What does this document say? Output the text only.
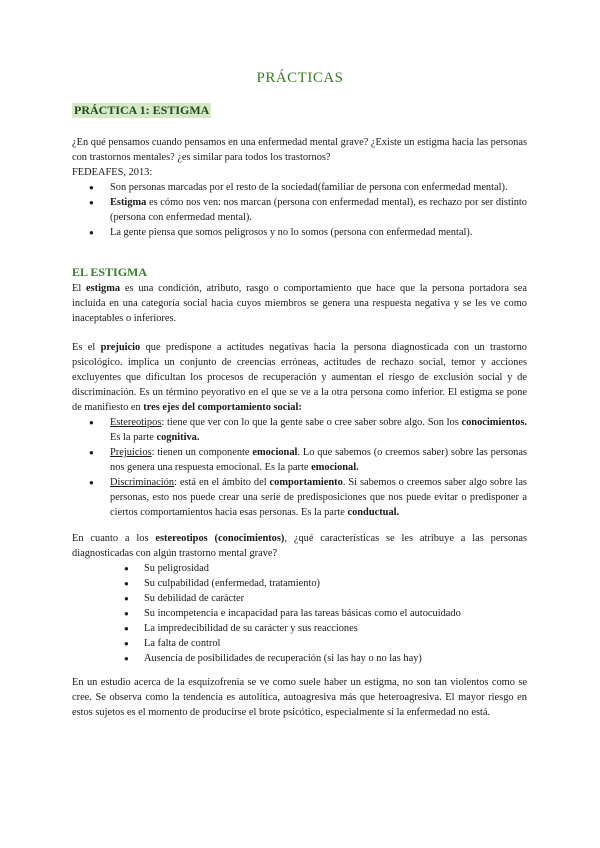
PRÁCTICAS
PRÁCTICA 1: ESTIGMA

¿En qué pensamos cuando pensamos en una enfermedad mental grave? ¿Existe un estigma hacia las personas con trastornos mentales? ¿es similar para todos los trastornos?

FEDEAFES, 2013:

● Son personas marcadas por el resto de la sociedad(familiar de persona con enfermedad mental).
● Estigma es cómo nos ven: nos marcan (persona con enfermedad mental), es rechazo por ser distinto (persona con enfermedad mental).
● La gente piensa que somos peligrosos y no lo somos (persona con enfermedad mental).
EL ESTIGMA

El estigma es una condición, atributo, rasgo o comportamiento que hace que la persona portadora sea incluida en una categoría social hacia cuyos miembros se genera una respuesta negativa y se les ve como inaceptables o inferiores.

Es el prejuicio que predispone a actitudes negativas hacia la persona diagnosticada con un trastorno psicológico. implica un conjunto de creencias erróneas, actitudes de rechazo social, temor y acciones excluyentes que dificultan los procesos de recuperación y aumentan el riesgo de exclusión social y de discriminación. Es un término peyorativo en el que se ve a la otra persona como inferior. El estigma se pone de manifiesto en tres ejes del comportamiento social:

● Estereotipos: tiene que ver con lo que la gente sabe o cree saber sobre algo. Son los conocimientos. Es la parte cognitiva.
● Prejuicios: tienen un componente emocional. Lo que sabemos (o creemos saber) sobre las personas nos genera una respuesta emocional. Es la parte emocional.
● Discriminación: está en el ámbito del comportamiento. Si sabemos o creemos saber algo sobre las personas, esto nos puede crear una serie de predisposiciones que nos puede evitar o predisponer a ciertos comportamientos hacia esas personas. Es la parte conductual.

En cuanto a los estereotipos (conocimientos), ¿qué características se les atribuye a las personas diagnosticadas con algún trastorno mental grave?

● Su peligrosidad
● Su culpabilidad (enfermedad, tratamiento)
● Su debilidad de carácter
● Su incompetencia e incapacidad para las tareas básicas como el autocuidado
● La impredecibilidad de su carácter y sus reacciones
● La falta de control
● Ausencia de posibilidades de recuperación (si las hay o no las hay)

En un estudio acerca de la esquizofrenia se ve como suele haber un estigma, no son tan violentos como se cree. Se observa como la tendencia es autolítica, autoagresiva más que heteroagresiva. El mayor riesgo en estos sujetos es el momento de producirse el brote psicótico, especialmente si la enfermedad no está.
